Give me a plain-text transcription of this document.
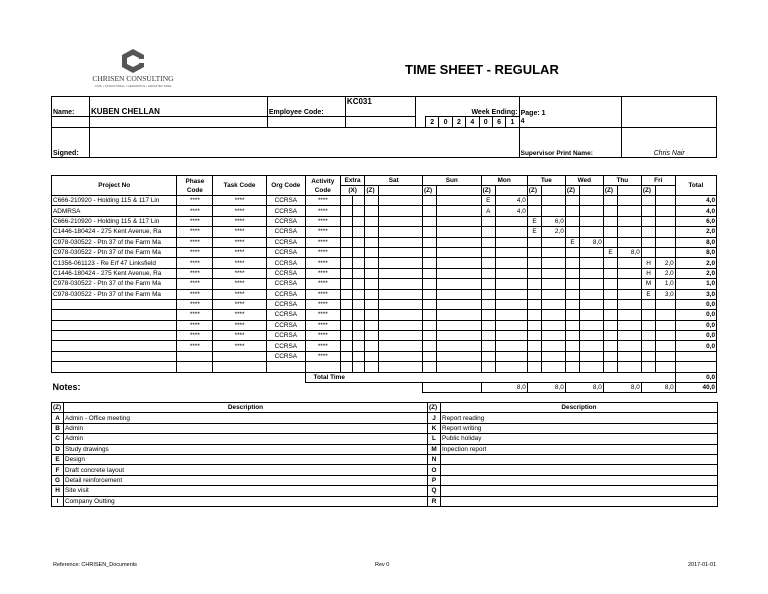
CHRISEN CONSULTING
CIVIL • STRUCTURAL • GEOMATICS • ARCHITECTURE
TIME SHEET - REGULAR
Name:	KUBEN CHELLAN	Employee Code:	KC031	Week Ending:								Page: 1	
					2	0	2	4	0	6	1	4	
Signed:												Supervisor Print Name:	Chris Nair
Project No	Phase Code	Task Code	Org Code	Activity Code	Extra		Sat		Sun		Mon		Tue		Wed		Thu		Fri		Total
					(X)		(Z)		(Z)		(Z)		(Z)		(Z)		(Z)		(Z)		
C666-210920 - Holding 115 & 117 Lin	****	****	CCRSA	****							E	4,0									4,0
ADMRSA	****	****	CCRSA	****							A	4,0									4,0
C666-210920 - Holding 115 & 117 Lin	****	****	CCRSA	****									E	6,0							6,0
C1446-180424 - 275 Kent Avenue, Ra	****	****	CCRSA	****									E	2,0							2,0
C978-030522 - Ptn 37 of the Farm Ma	****	****	CCRSA	****											E	8,0					8,0
C978-030522 - Ptn 37 of the Farm Ma	****	****	CCRSA	****													E	8,0			8,0
C1356-061123 - Re Erf 47 Linksfield	****	****	CCRSA	****															H	2,0	2,0
C1446-180424 - 275 Kent Avenue, Ra	****	****	CCRSA	****															H	2,0	2,0
C978-030522 - Ptn 37 of the Farm Ma	****	****	CCRSA	****															M	1,0	1,0
C978-030522 - Ptn 37 of the Farm Ma	****	****	CCRSA	****															E	3,0	3,0
	****	****	CCRSA	****																	0,0
	****	****	CCRSA	****																	0,0
	****	****	CCRSA	****																	0,0
	****	****	CCRSA	****																	0,0
	****	****	CCRSA	****																	0,0
			CCRSA	****																	

				Total Time																	0,0
Notes:											8,0		8,0		8,0		8,0		8,0		40,0
(Z)	Description	(Z)	Description
A	Admin - Office meeting	J	Report reading
B	Admin	K	Report writing
C	Admin	L	Public holiday
D	Study drawings	M	Inpection report
E	Design	N	
F	Draft concrete layout	O	
G	Detail reinforcement	P	
H	Site visit	Q	
I	Company Outting	R	
Reference: CHRISEN_Documents	Rev 0	2017-01-01
